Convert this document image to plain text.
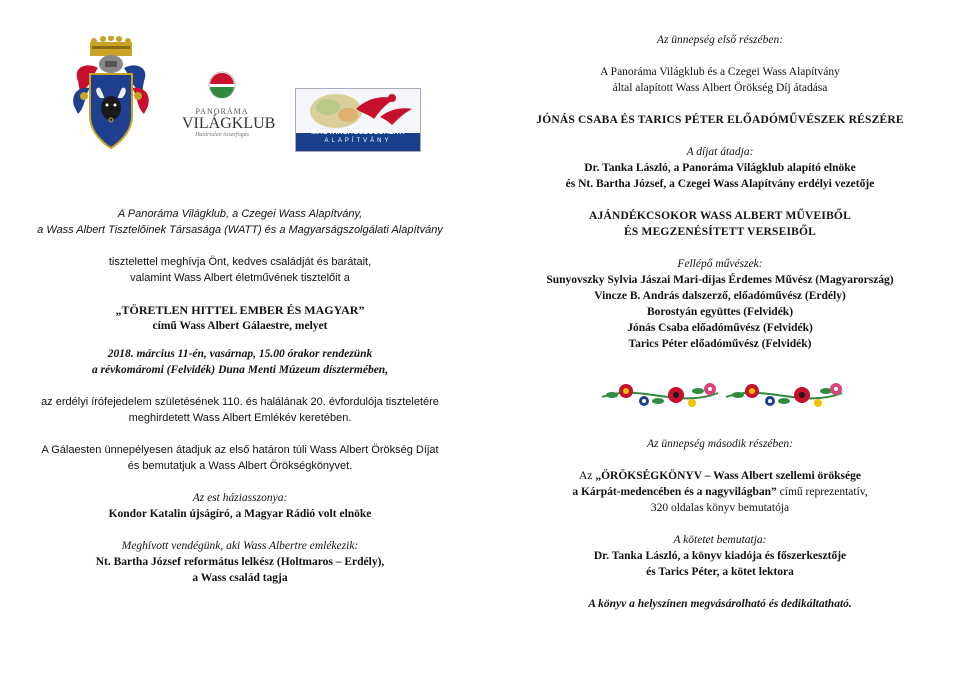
PANORÁMA
VILÁGKLUB
Határtalan összefogás	MAGYARSÁGSZOLGÁLATI
ALAPÍTVÁNY
A Panoráma Világklub, a Czegei Wass Alapítvány,
a Wass Albert Tisztelőinek Társasága (WATT) és a Magyarságszolgálati Alapítvány
tisztelettel meghívja Önt, kedves családját és barátait,
valamint Wass Albert életművének tisztelőit a
„TÖRETLEN HITTEL EMBER ÉS MAGYAR”
című Wass Albert Gálaestre, melyet
2018. március 11-én, vasárnap, 15.00 órakor rendezünk
a révkomáromi (Felvidék) Duna Menti Múzeum dísztermében,
az erdélyi írófejedelem születésének 110. és halálának 20. évfordulója tiszteletére
meghirdetett Wass Albert Emlékév keretében.
A Gálaesten ünnepélyesen átadjuk az első határon túli Wass Albert Örökség Díjat
és bemutatjuk a Wass Albert Örökségkönyvet.
Az est háziasszonya:
Kondor Katalin újságíró, a Magyar Rádió volt elnöke
Meghívott vendégünk, aki Wass Albertre emlékezik:
Nt. Bartha József református lelkész (Holtmaros – Erdély),
a Wass család tagja
Az ünnepség első részében:
A Panoráma Világklub és a Czegei Wass Alapítvány
által alapított Wass Albert Örökség Díj átadása
JÓNÁS CSABA ÉS TARICS PÉTER ELŐADÓMŰVÉSZEK RÉSZÉRE
A díjat átadja:
Dr. Tanka László, a Panoráma Világklub alapító elnöke
és Nt. Bartha József, a Czegei Wass Alapítvány erdélyi vezetője
AJÁNDÉKCSOKOR WASS ALBERT MŰVEIBŐL
ÉS MEGZENÉSÍTETT VERSEIBŐL
Fellépő művészek:
Sunyovszky Sylvia Jászai Mari-díjas Érdemes Művész (Magyarország)
Vincze B. András dalszerző, előadóművész (Erdély)
Borostyán együttes (Felvidék)
Jónás Csaba előadóművész (Felvidék)
Tarics Péter előadóművész (Felvidék)
Az ünnepség második részében:
Az „ÖRÖKSÉGKÖNYV – Wass Albert szellemi öröksége
a Kárpát-medencében és a nagyvilágban” című reprezentatív,
320 oldalas könyv bemutatója
A kötetet bemutatja:
Dr. Tanka László, a könyv kiadója és főszerkesztője
és Tarics Péter, a kötet lektora
A könyv a helyszínen megvásárolható és dedikáltatható.
